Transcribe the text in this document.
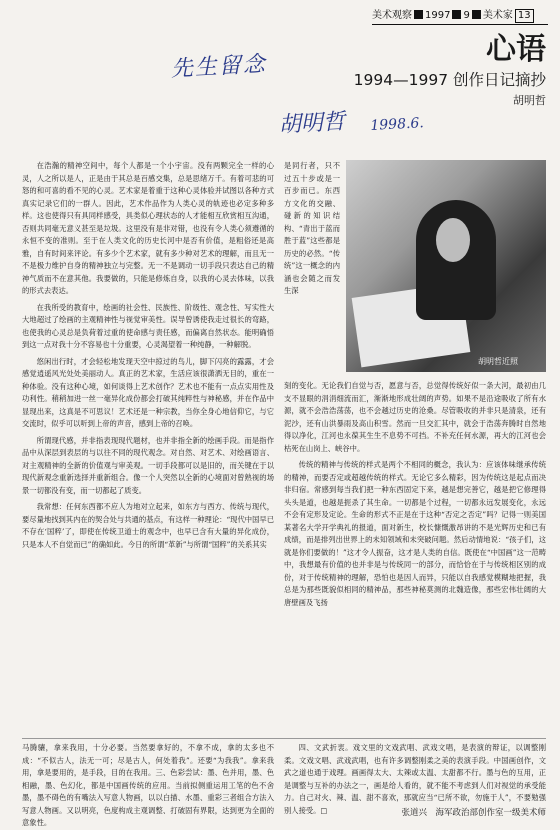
美术观察 1997 9 美术家 13
先生留念
胡明哲 1998.6.
心语
1994—1997 创作日记摘抄
胡明哲

在浩瀚的精神空间中，每个人都是一个小宇宙。没有两颗完全一样的心灵，人之所以是人，正是由于其总是百感交集，总是思绪万千。有着可悲的可怒的和可喜的看不见的心灵。艺术家是着重于这种心灵体验并试图以各种方式真实记录它们的一群人。因此，艺术作品作为人类心灵的轨迹也必定多种多样。这也使得只有具同样感受，具类似心理状态的人才能相互欣赏相互沟通，否则共同毫无意义甚至是垃圾。这里没有是非对错，也没有令人类心须遵循的永恒不变的准则。至于在人类文化的历史长河中是否有价值，是粗俗还是高雅，自有时间来评论。有多少个艺术家，就有多少种对艺术的理解，而且无一不是极力维护自身的精神独立与完整。无一不是调动一切手段只表达自己的精神气质而不在意其他。我要做的，只能是修炼自身，以我的心灵去体味，以我的形式去表达。

在我所受的教育中，绘画的社会性、民族性、阶级性、观念性、写实性大大地超过了绘画的主观精神性与视觉审美性。误导曾诱使我走过很长的弯路，也使我的心灵总是负荷着过重的使命感与责任感，而偏离自然状态。能明确悟到这一点对我十分不容易也十分重要，心灵渴望着一种纯静，一种解脱。

悠闲出行时，才会轻松地发现天空中掠过的鸟儿，脚下闪亮的露露，才会感觉逍遥风光处处美丽动人。真正的艺术家，生活应该很潇洒无目的，重在一种体验。没有这种心境，如何谈得上艺术创作？艺术也不能有一点点实用性及功利性。稍稍加进一丝一毫异化成份都会打破其纯粹性与神秘感，并在作品中显现出来，这真是不可思议！艺术还是一种宗教，当你全身心地信仰它，与它交流时，似乎可以听到上帝的声音，感到上帝的召唤。

所谓现代感，并非指表现现代题材，也并非指全新的绘画手段。而是指作品中从深层到表层的与以往不同的现代观念。对自然、对艺术、对绘画语言、对主观精神的全新的价值观与审美观。一切手段都可以是旧的，而关键在于以现代新观念重新选择并重新组合。像一个人突然以全新的心境面对曾熟视的场景一切都没有变，而一切都起了质变。

我常想：任何东西都不应人为地对立起来，如东方与西方、传统与现代，要尽量地找到其内在的契合处与共通的基点，有这样一种理论：“现代中国早已不存在‘国粹’了，即使在传统卫道士的观念中，也早已含有大量的异化成份，只是本人不自觉而已”的确如此。今日的所谓“革新”与所谓“国粹”的关系其实

是同行者，只不过五十步或是一百步而已。东西方文化的交融、碰新的知识结构、“青出于蓝而胜于蓝”这些都是历史的必然。“传统”这一概念的内涵也会随之而发生深
胡明哲近照

刻的变化。无论我们自觉与否，愿意与否，总觉得传统好似一条大河，最初由几支不显眼的涓涓细流而汇，渐渐地形成壮阔的声势。如果不是沿途吸收了所有水源，就不会浩浩荡荡，也不会越过历史的沧桑。尽管吸收的并非只是清泉，还有泥沙，还有山洪暴雨及高山积雪。然而一旦交汇其中，就会于浩荡奔腾时自然地得以净化，江河也永葆其生生不息势不可挡。不补充任何水源，再大的江河也会枯死在山岗上、峡谷中。

传统的精神与传统的样式是两个不相同的概念，我认为：应该体味继承传统的精神，而要否定或超越传统的样式。无论它多么精彩，因为传统这是起点而决非归宿。常感到每当我们把一种东西固定下来，越是想完善它，越是把它修理得头头是道，也越是扼杀了其生命。一切都是个过程，一切都永远发展变化，永远不会有定形及定论。生命的形式不正是在于这种“否定之否定”吗？记得一则美国某著名大学开学典礼的报道，面对新生，校长慷慨激昂讲的不是光辉历史和已有成绩，而是排列出世界上的未知领域和未突破问题。然后动情地说：“孩子们，这就是你们要做的！”这才令人振奋，这才是人类的自信。既使在“中国画”这一范畴中，我想最有价值的也并非是与传统同一的部分，而恰恰在于与传统相区别的成份，对于传统精神的理解，恐怕也是因人而异，只能以自我感觉模糊地把握，我总是为那些既貌似相同的精神品，那些神秘莫测的北魏造像，那些宏伟壮阔的大唐壁画及飞扬

马腾骧，拿来我用，十分必要。当然要拿好的，不拿不成，拿的太多也不成：“不似古人，法无一可；尽是古人，何处着我”。还要“为我我”。拿来我用，拿是要用的，是手段，目的在我用。三、色彩尝试：墨、色并用，墨、色相融，墨、色幻化，都是中国画传统的应用。当前拟侧重运用工笔的色不舍墨，墨不碍色的有嘴法入写意人物画，以以白描、水墨、重彩三者组合方法入写意人物画。又以明亮，色度构成主观调整、打破固有界限，达到更为全面的意象性。
四、文武折衷。戏文里的文戏武唱、武戏文唱，是表演的辩证，以调整刚柔。文戏文唱、武戏武唱，也有许多调整刚柔之美的表演手段。中国画创作，文武之道也通于戏理。画画得太大、太辣或太温、太甜都不行。墨与色的互用，正是调整与互补的办法之一，画是给人看的，就不能不考虑到人们对视觉的承受能力。自己对火、辣、温、甜不喜欢，那就应当“已所不欲，勿施于人”，不要勉强别人接受。□	张道兴　海军政治部创作室一级美术师
